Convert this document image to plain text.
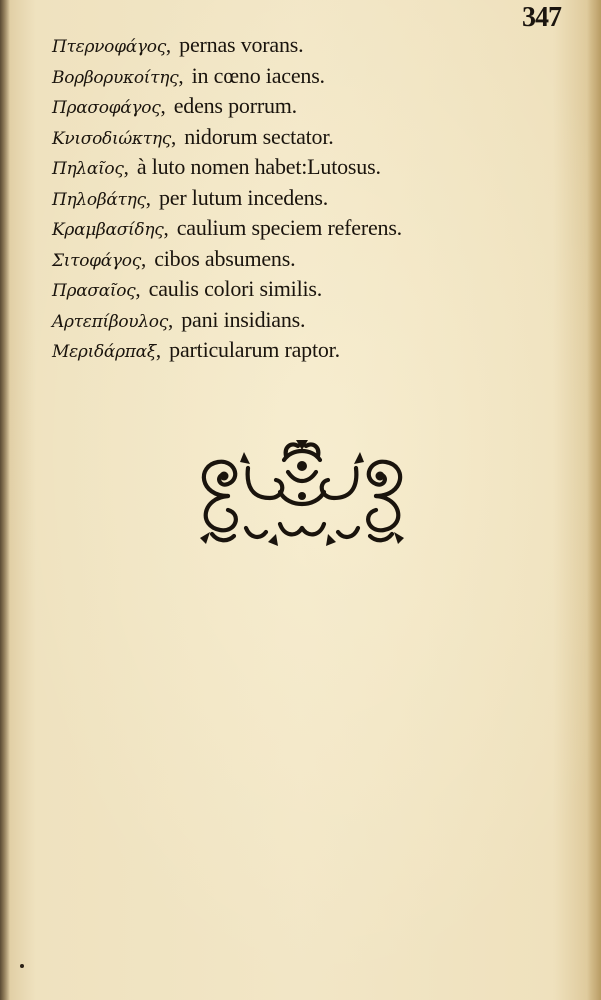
347
Πτερνοφάγος, pernas vorans.
Βορβορυκοίτης, in cœno iacens.
Πρασοφάγος, edens porrum.
Κνισοδιώκτης, nidorum sectator.
Πηλαῖος, à luto nomen habet:Lutosus.
Πηλοβάτης, per lutum incedens.
Κραμβασίδης, caulium speciem referens.
Σιτοφάγος, cibos absumens.
Πρασαῖος, caulis colori similis.
Αρτεπίβουλος, pani insidians.
Μεριδάρπαξ, particularum raptor.
